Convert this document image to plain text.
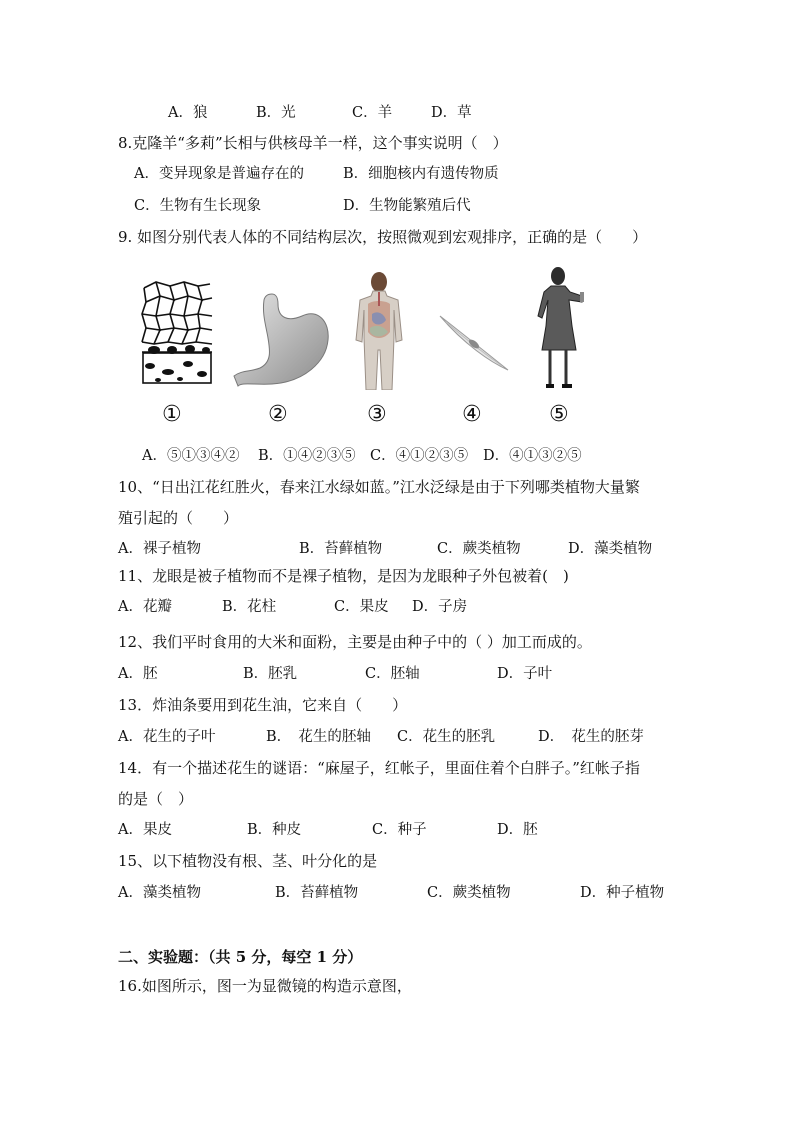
A．狼	B．光	C．羊	D．草
8.克隆羊“多莉”长相与供核母羊一样，这个事实说明（　）
A．变异现象是普遍存在的	B．细胞核内有遗传物质
C．生物有生长现象	D．生物能繁殖后代
9. 如图分别代表人体的不同结构层次，按照微观到宏观排序，正确的是（　　）
①	②	③	④	⑤
A．⑤①③④② B．①④②③⑤ C．④①②③⑤ D．④①③②⑤
10、“日出江花红胜火，春来江水绿如蓝。”江水泛绿是由于下列哪类植物大量繁
殖引起的（　　）
A．裸子植物	B．苔藓植物	C．蕨类植物	D．藻类植物
11、龙眼是被子植物而不是裸子植物，是因为龙眼种子外包被着(　)
A．花瓣	B．花柱	C．果皮 D．子房
12、我们平时食用的大米和面粉，主要是由种子中的（ ）加工而成的。
A．胚	B．胚乳	C．胚轴	D．子叶
13．炸油条要用到花生油，它来自（　　）
A．花生的子叶	B．　花生的胚轴 C．花生的胚乳	D．　花生的胚芽
14．有一个描述花生的谜语：“麻屋子，红帐子，里面住着个白胖子。”红帐子指
的是（　）
A．果皮	B．种皮	C．种子	D．胚
15、以下植物没有根、茎、叶分化的是
A．藻类植物	B．苔藓植物	C．蕨类植物	D．种子植物
二、实验题：（共 5 分，每空 1 分）
16.如图所示，图一为显微镜的构造示意图，
